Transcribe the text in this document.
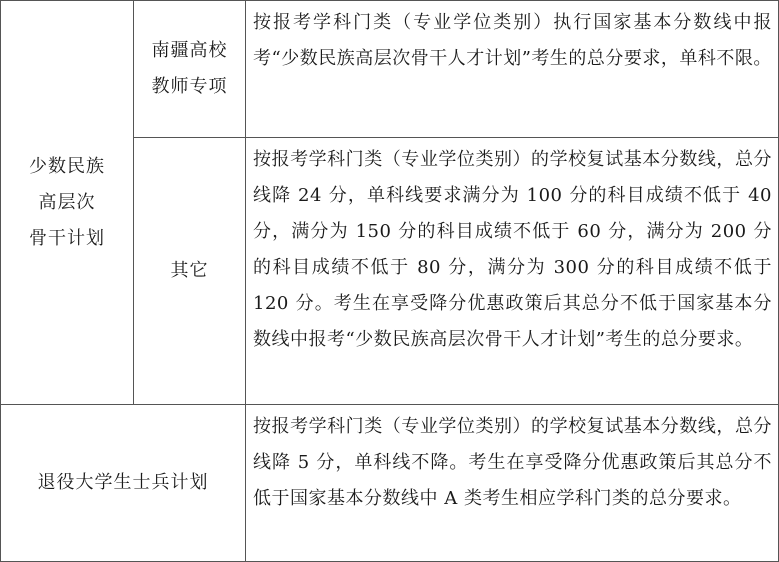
少数民族
高层次
骨干计划
南疆高校
教师专项
按报考学科门类（专业学位类别）执行国家基本分数线中报考“少数民族高层次骨干人才计划”考生的总分要求，单科不限。
其它
按报考学科门类（专业学位类别）的学校复试基本分数线，总分线降 24 分，单科线要求满分为 100 分的科目成绩不低于 40 分，满分为 150 分的科目成绩不低于 60 分，满分为 200 分的科目成绩不低于 80 分，满分为 300 分的科目成绩不低于 120 分。考生在享受降分优惠政策后其总分不低于国家基本分数线中报考“少数民族高层次骨干人才计划”考生的总分要求。
退役大学生士兵计划
按报考学科门类（专业学位类别）的学校复试基本分数线，总分线降 5 分，单科线不降。考生在享受降分优惠政策后其总分不低于国家基本分数线中 A 类考生相应学科门类的总分要求。
